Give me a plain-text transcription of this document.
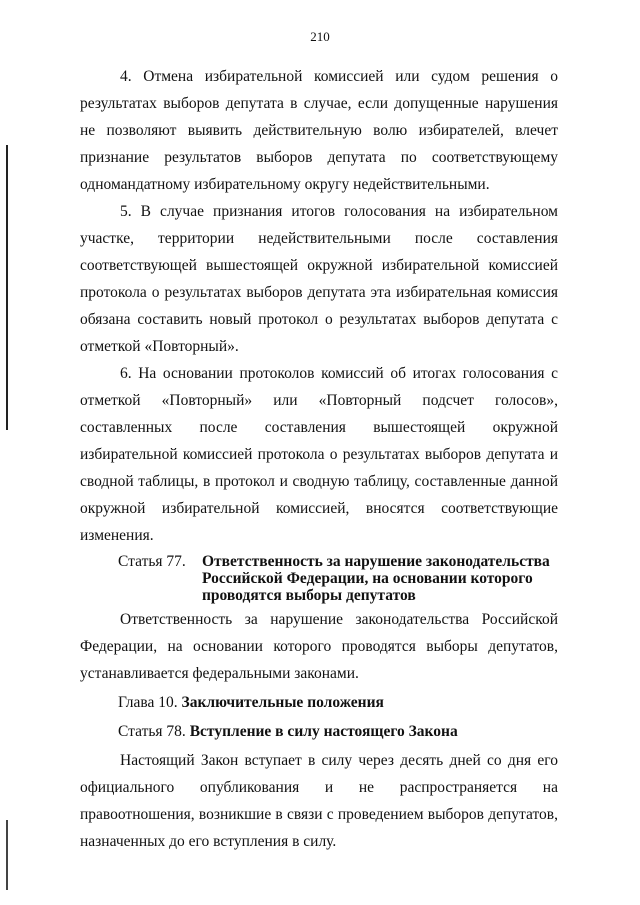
210

4. Отмена избирательной комиссией или судом решения о результатах выборов депутата в случае, если допущенные нарушения не позволяют выявить действительную волю избирателей, влечет признание результатов выборов депутата по соответствующему одномандатному избирательному округу недействительными.

5. В случае признания итогов голосования на избирательном участке, территории недействительными после составления соответствующей вышестоящей окружной избирательной комиссией протокола о результатах выборов депутата эта избирательная комиссия обязана составить новый протокол о результатах выборов депутата с отметкой «Повторный».

6. На основании протоколов комиссий об итогах голосования с отметкой «Повторный» или «Повторный подсчет голосов», составленных после составления вышестоящей окружной избирательной комиссией протокола о результатах выборов депутата и сводной таблицы, в протокол и сводную таблицу, составленные данной окружной избирательной комиссией, вносятся соответствующие изменения.

Статья 77.	Ответственность за нарушение законодательства Российской Федерации, на основании которого проводятся выборы депутатов

Ответственность за нарушение законодательства Российской Федерации, на основании которого проводятся выборы депутатов, устанавливается федеральными законами.

Глава 10. Заключительные положения
Статья 78. Вступление в силу настоящего Закона

Настоящий Закон вступает в силу через десять дней со дня его официального опубликования и не распространяется на правоотношения, возникшие в связи с проведением выборов депутатов, назначенных до его вступления в силу.
